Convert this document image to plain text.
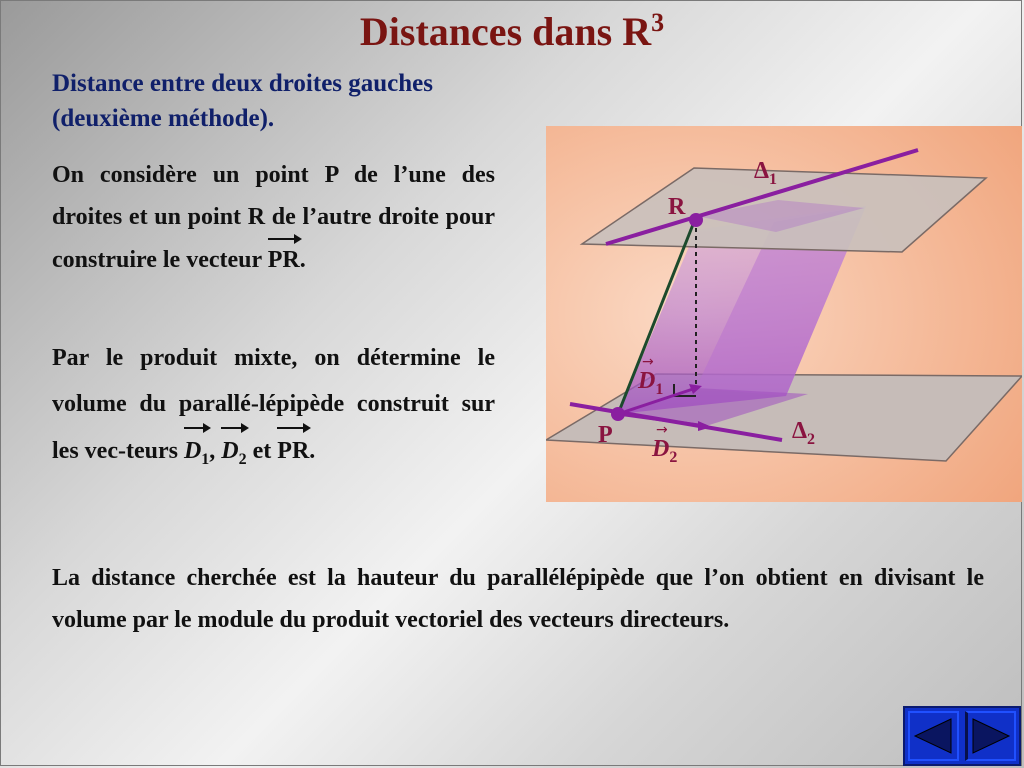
Distances dans $R^3$
Distance entre deux droites gauches
(deuxième méthode).
On considère un point P de l’une des droites et un point R de l’autre droite pour construire le vecteur PR.
Par le produit mixte, on détermine le volume du parallé-lépipède construit sur les vec-teurs $D_1$, $D_2$ et PR.
La distance cherchée est la hauteur du parallélépipède que l’on obtient en divisant le volume par le module du produit vectoriel des vecteurs directeurs.
$\Delta_1$
R
$D_1$
→
P
$D_2$
→	$\Delta_2$
